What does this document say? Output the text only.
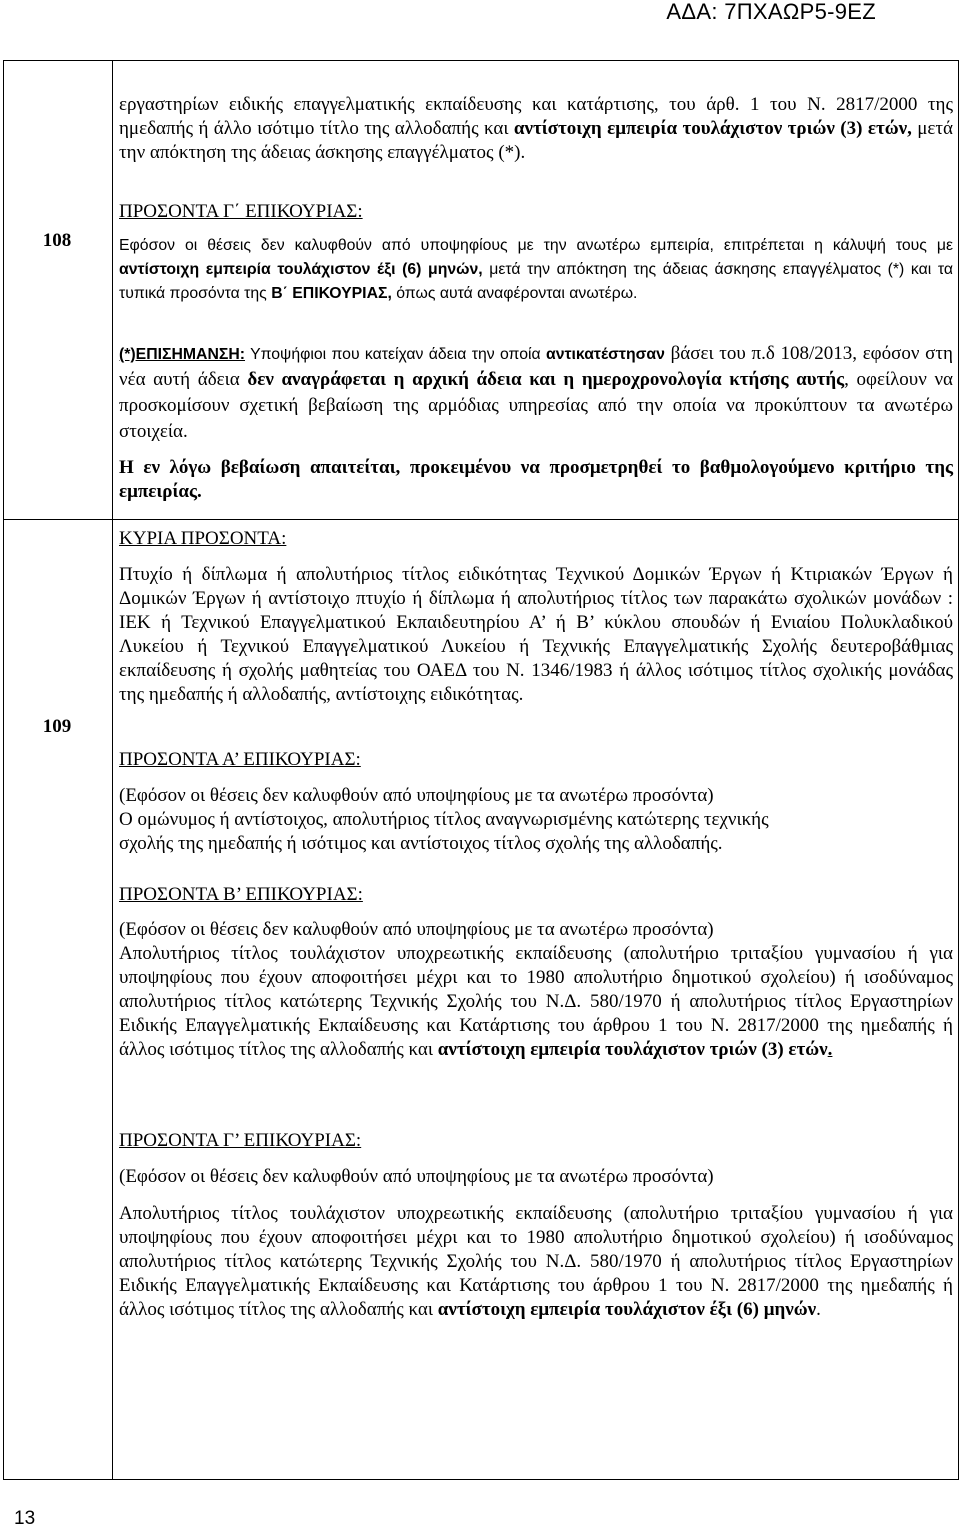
ΑΔΑ: 7ΠΧΑΩΡ5-9ΕΖ
108
109
εργαστηρίων ειδικής επαγγελματικής εκπαίδευσης και κατάρτισης, του άρθ. 1 του Ν. 2817/2000 της ημεδαπής ή άλλο ισότιμο τίτλο της αλλοδαπής και αντίστοιχη εμπειρία τουλάχιστον τριών (3) ετών, μετά την απόκτηση της άδειας άσκησης επαγγέλματος (*).
ΠΡΟΣΟΝΤΑ Γ΄ ΕΠΙΚΟΥΡΙΑΣ:
Εφόσον οι θέσεις δεν καλυφθούν από υποψηφίους με την ανωτέρω εμπειρία, επιτρέπεται η κάλυψή τους με αντίστοιχη εμπειρία τουλάχιστον έξι (6) μηνών, μετά την απόκτηση της άδειας άσκησης επαγγέλματος (*) και τα τυπικά προσόντα της Β΄ ΕΠΙΚΟΥΡΙΑΣ, όπως αυτά αναφέρονται ανωτέρω.
(*)ΕΠΙΣΗΜΑΝΣΗ: Υποψήφιοι που κατείχαν άδεια την οποία αντικατέστησαν βάσει του π.δ 108/2013, εφόσον στη νέα αυτή άδεια δεν αναγράφεται η αρχική άδεια και η ημεροχρονολογία κτήσης αυτής, οφείλουν να προσκομίσουν σχετική βεβαίωση της αρμόδιας υπηρεσίας από την οποία να προκύπτουν τα ανωτέρω στοιχεία.
Η εν λόγω βεβαίωση απαιτείται, προκειμένου να προσμετρηθεί το βαθμολογούμενο κριτήριο της εμπειρίας.
ΚΥΡΙΑ ΠΡΟΣΟΝΤΑ:
Πτυχίο ή δίπλωμα ή απολυτήριος τίτλος ειδικότητας Τεχνικού Δομικών Έργων ή Κτιριακών Έργων ή Δομικών Έργων ή αντίστοιχο πτυχίο ή δίπλωμα ή απολυτήριος τίτλος των παρακάτω σχολικών μονάδων : ΙΕΚ ή Τεχνικού Επαγγελματικού Εκπαιδευτηρίου Α’ ή Β’ κύκλου σπουδών ή Ενιαίου Πολυκλαδικού Λυκείου ή Τεχνικού Επαγγελματικού Λυκείου ή Τεχνικής Επαγγελματικής Σχολής δευτεροβάθμιας εκπαίδευσης ή σχολής μαθητείας του ΟΑΕΔ του Ν. 1346/1983 ή άλλος ισότιμος τίτλος σχολικής μονάδας της ημεδαπής ή αλλοδαπής, αντίστοιχης ειδικότητας.
ΠΡΟΣΟΝΤΑ Α’ ΕΠΙΚΟΥΡΙΑΣ:
(Εφόσον οι θέσεις δεν καλυφθούν από υποψηφίους με τα ανωτέρω προσόντα)
Ο ομώνυμος ή αντίστοιχος, απολυτήριος τίτλος αναγνωρισμένης κατώτερης τεχνικής
σχολής της ημεδαπής ή ισότιμος και αντίστοιχος τίτλος σχολής της αλλοδαπής.
ΠΡΟΣΟΝΤΑ Β’ ΕΠΙΚΟΥΡΙΑΣ:
(Εφόσον οι θέσεις δεν καλυφθούν από υποψηφίους με τα ανωτέρω προσόντα)
Απολυτήριος τίτλος τουλάχιστον υποχρεωτικής εκπαίδευσης (απολυτήριο τριταξίου γυμνασίου ή για υποψηφίους που έχουν αποφοιτήσει μέχρι και το 1980 απολυτήριο δημοτικού σχολείου) ή ισοδύναμος απολυτήριος τίτλος κατώτερης Τεχνικής Σχολής του Ν.Δ. 580/1970 ή απολυτήριος τίτλος Εργαστηρίων Ειδικής Επαγγελματικής Εκπαίδευσης και Κατάρτισης του άρθρου 1 του Ν. 2817/2000 της ημεδαπής ή άλλος ισότιμος τίτλος της αλλοδαπής και αντίστοιχη εμπειρία τουλάχιστον τριών (3) ετών.
ΠΡΟΣΟΝΤΑ Γ’ ΕΠΙΚΟΥΡΙΑΣ:
(Εφόσον οι θέσεις δεν καλυφθούν από υποψηφίους με τα ανωτέρω προσόντα)
Απολυτήριος τίτλος τουλάχιστον υποχρεωτικής εκπαίδευσης (απολυτήριο τριταξίου γυμνασίου ή για υποψηφίους που έχουν αποφοιτήσει μέχρι και το 1980 απολυτήριο δημοτικού σχολείου) ή ισοδύναμος απολυτήριος τίτλος κατώτερης Τεχνικής Σχολής του Ν.Δ. 580/1970 ή απολυτήριος τίτλος Εργαστηρίων Ειδικής Επαγγελματικής Εκπαίδευσης και Κατάρτισης του άρθρου 1 του Ν. 2817/2000 της ημεδαπής ή άλλος ισότιμος τίτλος της αλλοδαπής και αντίστοιχη εμπειρία τουλάχιστον έξι (6) μηνών.
13
